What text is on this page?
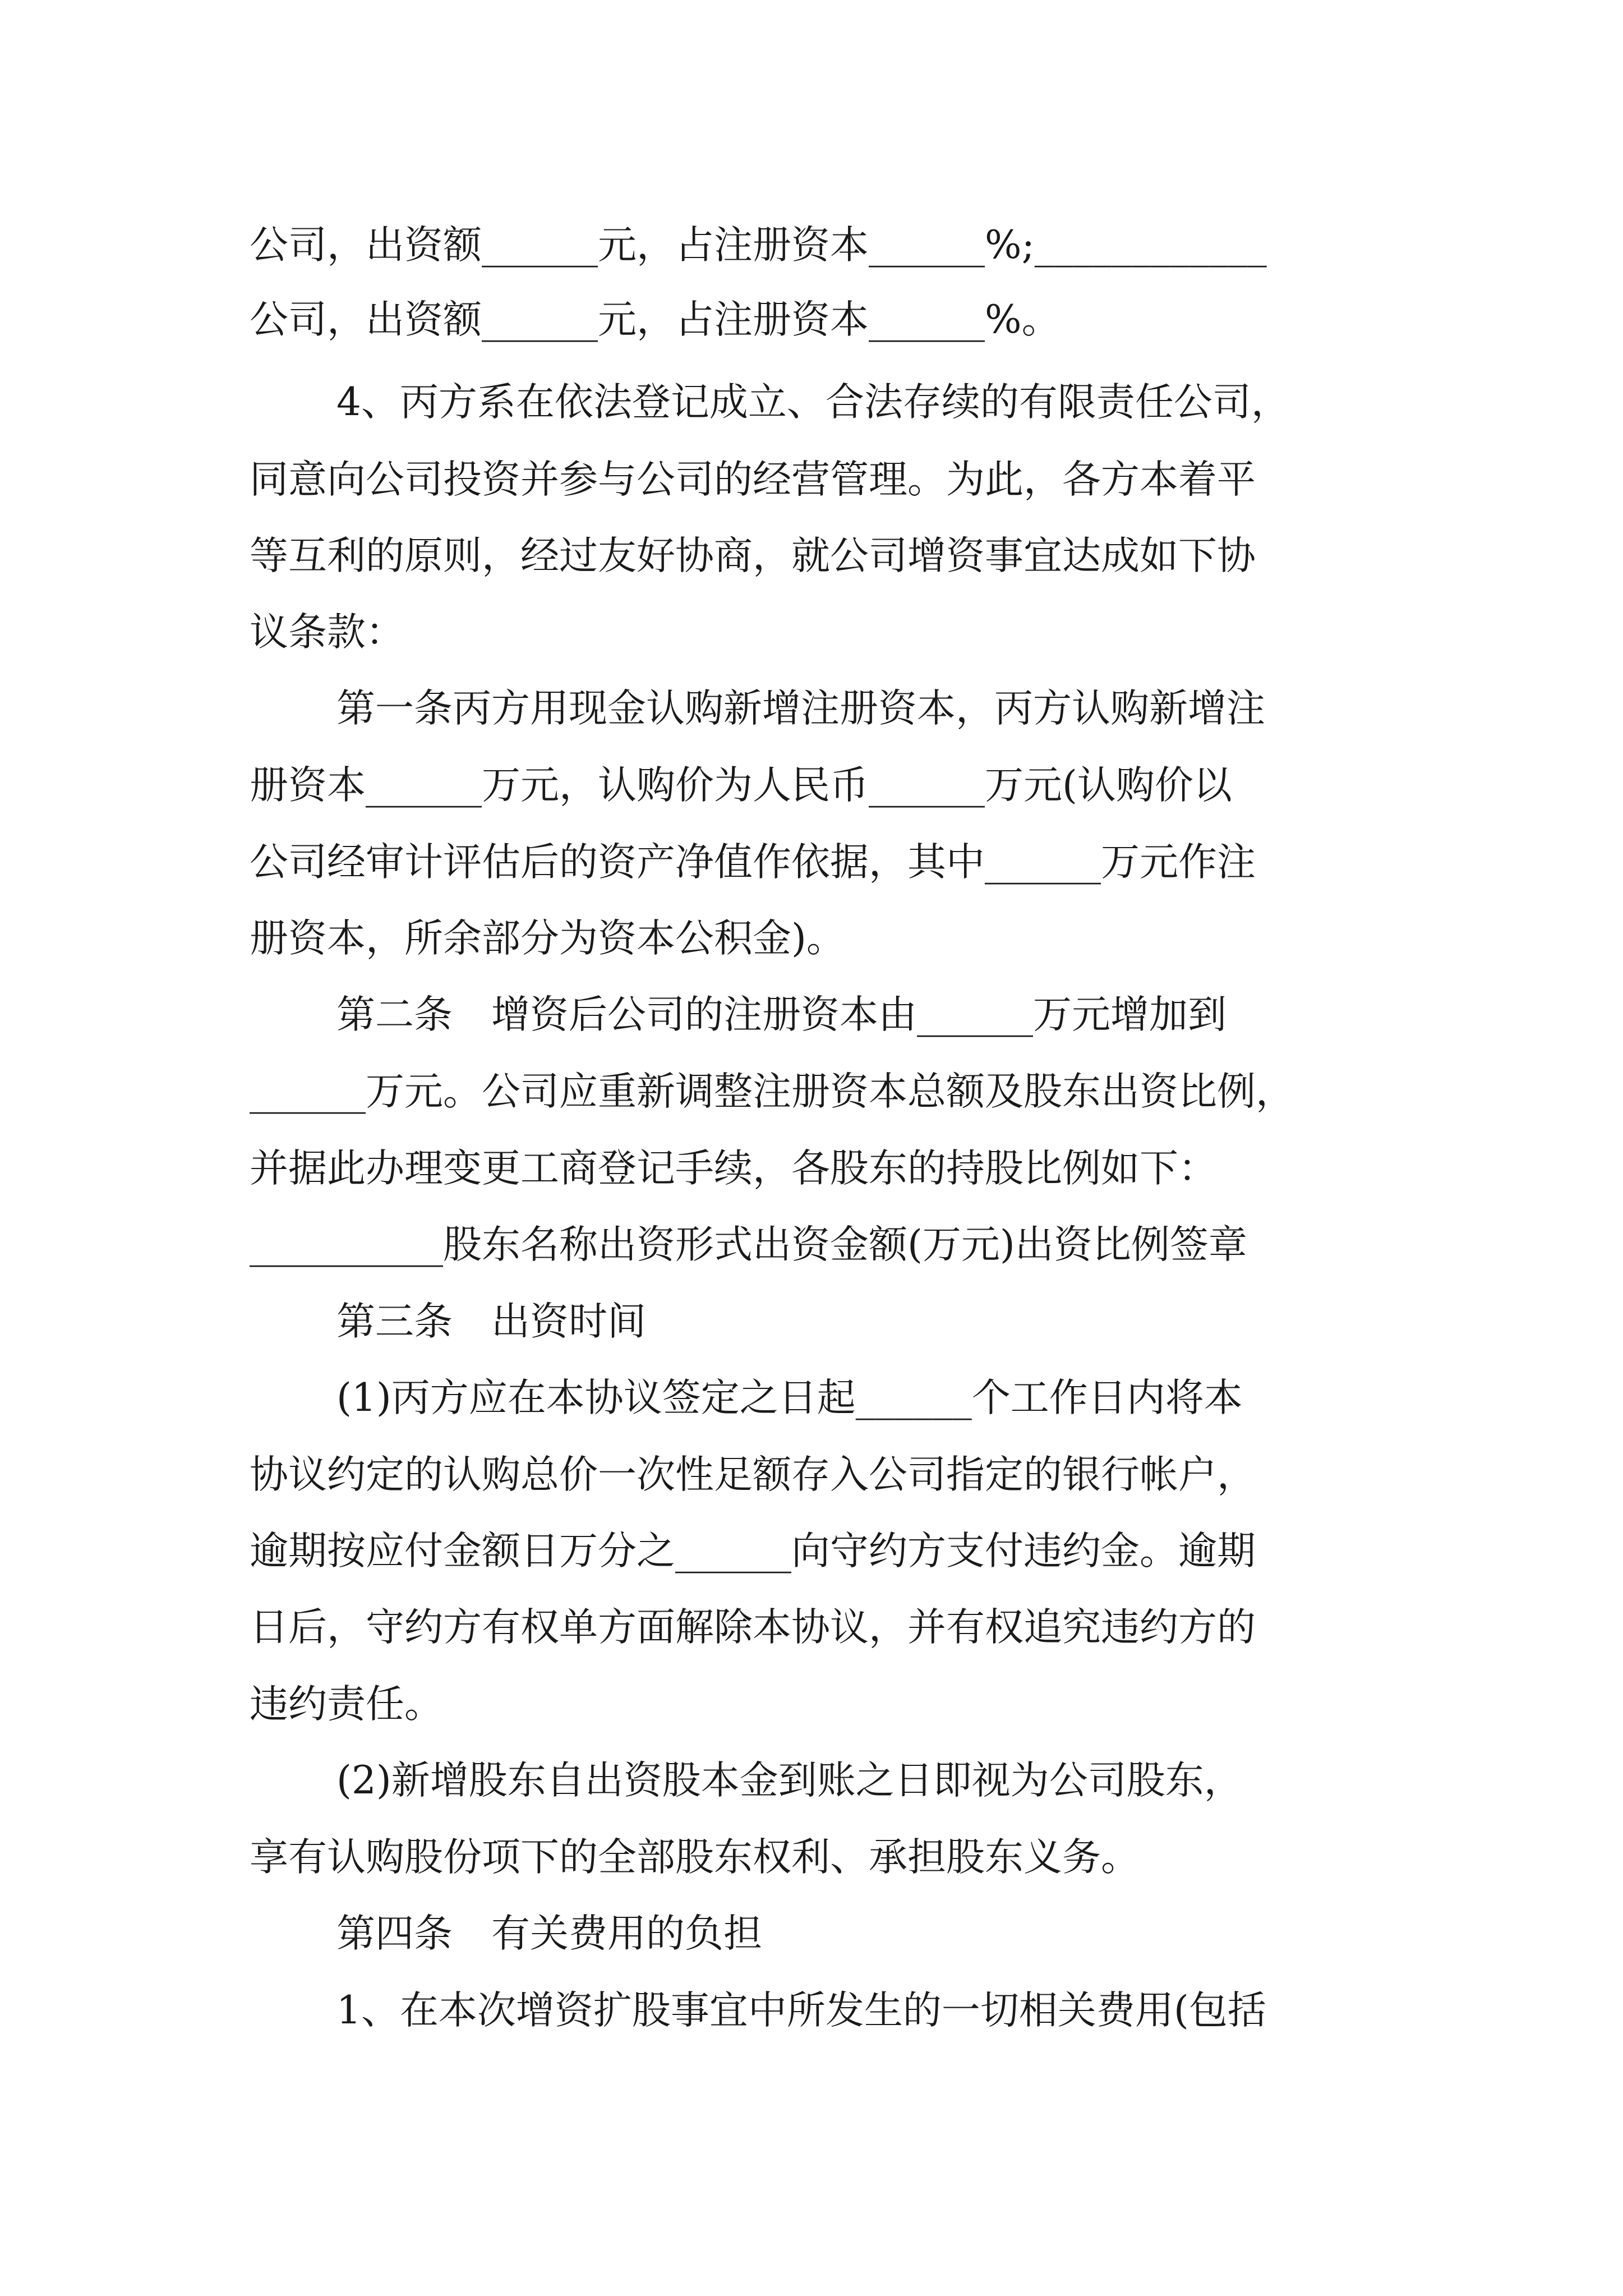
公司，出资额______元，占注册资本______%;____________
公司，出资额______元，占注册资本______%。
4、丙方系在依法登记成立、合法存续的有限责任公司，
同意向公司投资并参与公司的经营管理。为此，各方本着平
等互利的原则，经过友好协商，就公司增资事宜达成如下协
议条款：
第一条丙方用现金认购新增注册资本，丙方认购新增注
册资本______万元，认购价为人民币______万元(认购价以
公司经审计评估后的资产净值作依据，其中______万元作注
册资本，所余部分为资本公积金)。
第二条　增资后公司的注册资本由______万元增加到
______万元。公司应重新调整注册资本总额及股东出资比例，
并据此办理变更工商登记手续，各股东的持股比例如下：
__________股东名称出资形式出资金额(万元)出资比例签章
第三条　出资时间
(1)丙方应在本协议签定之日起______个工作日内将本
协议约定的认购总价一次性足额存入公司指定的银行帐户，
逾期按应付金额日万分之______向守约方支付违约金。逾期
日后，守约方有权单方面解除本协议，并有权追究违约方的
违约责任。
(2)新增股东自出资股本金到账之日即视为公司股东，
享有认购股份项下的全部股东权利、承担股东义务。
第四条　有关费用的负担
1、在本次增资扩股事宜中所发生的一切相关费用(包括
